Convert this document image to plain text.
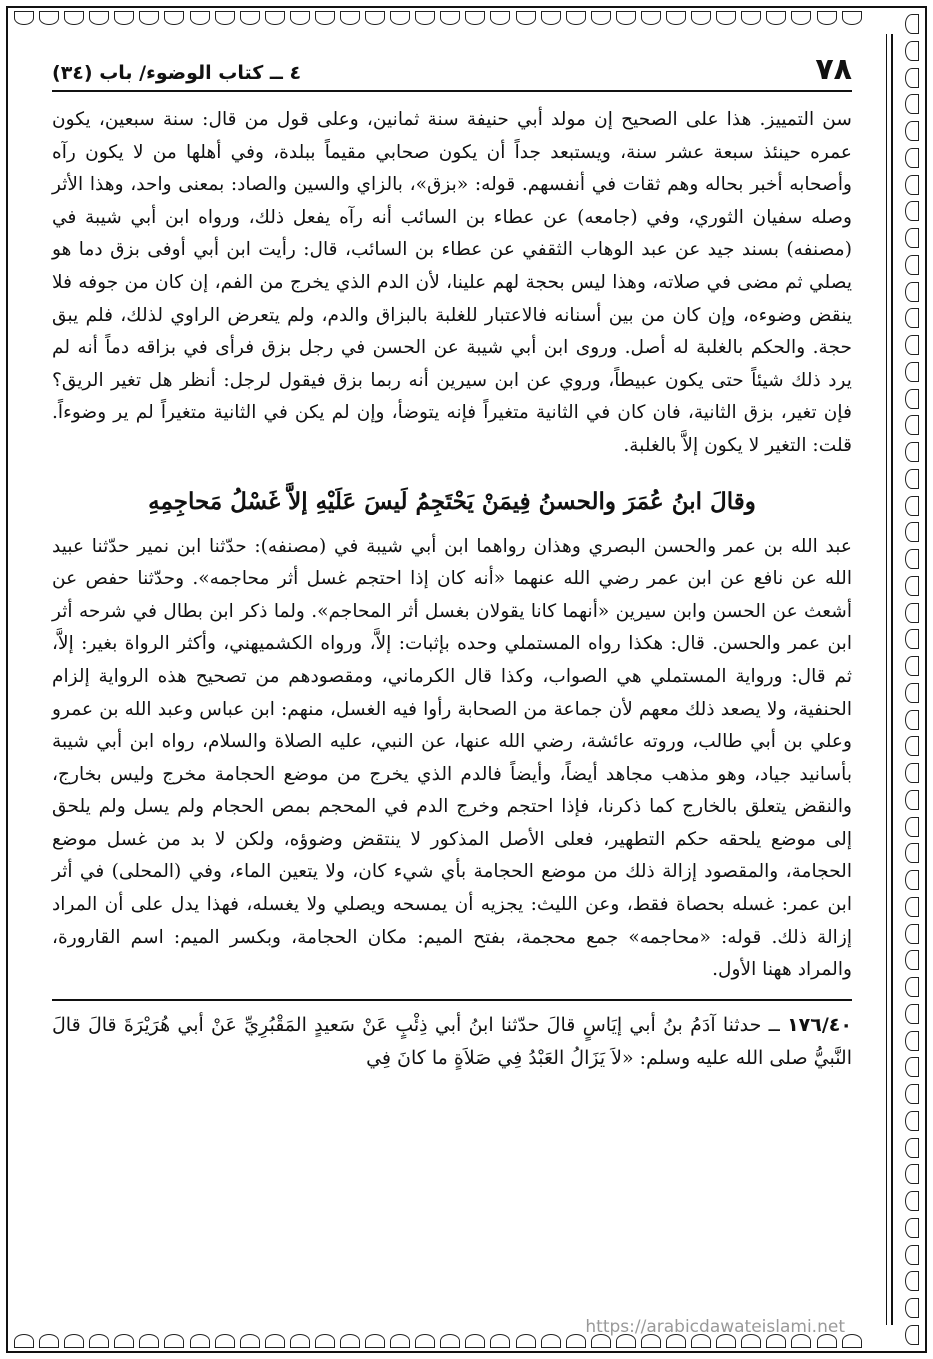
٧٨
٤ ــ كتاب الوضوء/ باب (٣٤)

سن التمييز. هذا على الصحيح إن مولد أبي حنيفة سنة ثمانين، وعلى قول من قال: سنة سبعين، يكون عمره حينئذ سبعة عشر سنة، ويستبعد جداً أن يكون صحابي مقيماً ببلدة، وفي أهلها من لا يكون رآه وأصحابه أخبر بحاله وهم ثقات في أنفسهم. قوله: «بزق»، بالزاي والسين والصاد: بمعنى واحد، وهذا الأثر وصله سفيان الثوري، وفي (جامعه) عن عطاء بن السائب أنه رآه يفعل ذلك، ورواه ابن أبي شيبة في (مصنفه) بسند جيد عن عبد الوهاب الثقفي عن عطاء بن السائب، قال: رأيت ابن أبي أوفى بزق دما هو يصلي ثم مضى في صلاته، وهذا ليس بحجة لهم علينا، لأن الدم الذي يخرج من الفم، إن كان من جوفه فلا ينقض وضوءه، وإن كان من بين أسنانه فالاعتبار للغلبة بالبزاق والدم، ولم يتعرض الراوي لذلك، فلم يبق حجة. والحكم بالغلبة له أصل. وروى ابن أبي شيبة عن الحسن في رجل بزق فرأى في بزاقه دماً أنه لم يرد ذلك شيئاً حتى يكون عبيطاً، وروي عن ابن سيرين أنه ربما بزق فيقول لرجل: أنظر هل تغير الريق؟ فإن تغير، بزق الثانية، فان كان في الثانية متغيراً فإنه يتوضأ، وإن لم يكن في الثانية متغيراً لم ير وضوءاً. قلت: التغير لا يكون إلاَّ بالغلبة.

وقالَ ابنُ عُمَرَ والحسنُ فِيمَنْ يَحْتَجِمُ لَيسَ عَلَيْهِ إلاَّ غَسْلُ مَحاجِمِهِ

عبد الله بن عمر والحسن البصري وهذان رواهما ابن أبي شيبة في (مصنفه): حدّثنا ابن نمير حدّثنا عبيد الله عن نافع عن ابن عمر رضي الله عنهما «أنه كان إذا احتجم غسل أثر محاجمه». وحدّثنا حفص عن أشعث عن الحسن وابن سيرين «أنهما كانا يقولان بغسل أثر المحاجم». ولما ذكر ابن بطال في شرحه أثر ابن عمر والحسن. قال: هكذا رواه المستملي وحده بإثبات: إلاَّ، ورواه الكشميهني، وأكثر الرواة بغير: إلاَّ، ثم قال: ورواية المستملي هي الصواب، وكذا قال الكرماني، ومقصودهم من تصحيح هذه الرواية إلزام الحنفية، ولا يصعد ذلك معهم لأن جماعة من الصحابة رأوا فيه الغسل، منهم: ابن عباس وعبد الله بن عمرو وعلي بن أبي طالب، وروته عائشة، رضي الله عنها، عن النبي، عليه الصلاة والسلام، رواه ابن أبي شيبة بأسانيد جياد، وهو مذهب مجاهد أيضاً، وأيضاً فالدم الذي يخرج من موضع الحجامة مخرج وليس بخارج، والنقض يتعلق بالخارج كما ذكرنا، فإذا احتجم وخرج الدم في المحجم بمص الحجام ولم يسل ولم يلحق إلى موضع يلحقه حكم التطهير، فعلى الأصل المذكور لا ينتقض وضوؤه، ولكن لا بد من غسل موضع الحجامة، والمقصود إزالة ذلك من موضع الحجامة بأي شيء كان، ولا يتعين الماء، وفي (المحلى) في أثر ابن عمر: غسله بحصاة فقط، وعن الليث: يجزيه أن يمسحه ويصلي ولا يغسله، فهذا يدل على أن المراد إزالة ذلك. قوله: «محاجمه» جمع محجمة، بفتح الميم: مكان الحجامة، وبكسر الميم: اسم القارورة، والمراد ههنا الأول.

١٧٦/٤٠ ــ حدثنا آدَمُ بنُ أبي إيَاسٍ قالَ حدّثنا ابنُ أبي ذِئْبٍ عَنْ سَعيدٍ المَقْبُرِيِّ عَنْ أبي هُرَيْرَةَ قالَ قالَ النَّبيُّ صلى الله عليه وسلم: «لاَ يَزَالُ العَبْدُ فِي صَلاَةٍ ما كانَ فِي

https://arabicdawateislami.net
